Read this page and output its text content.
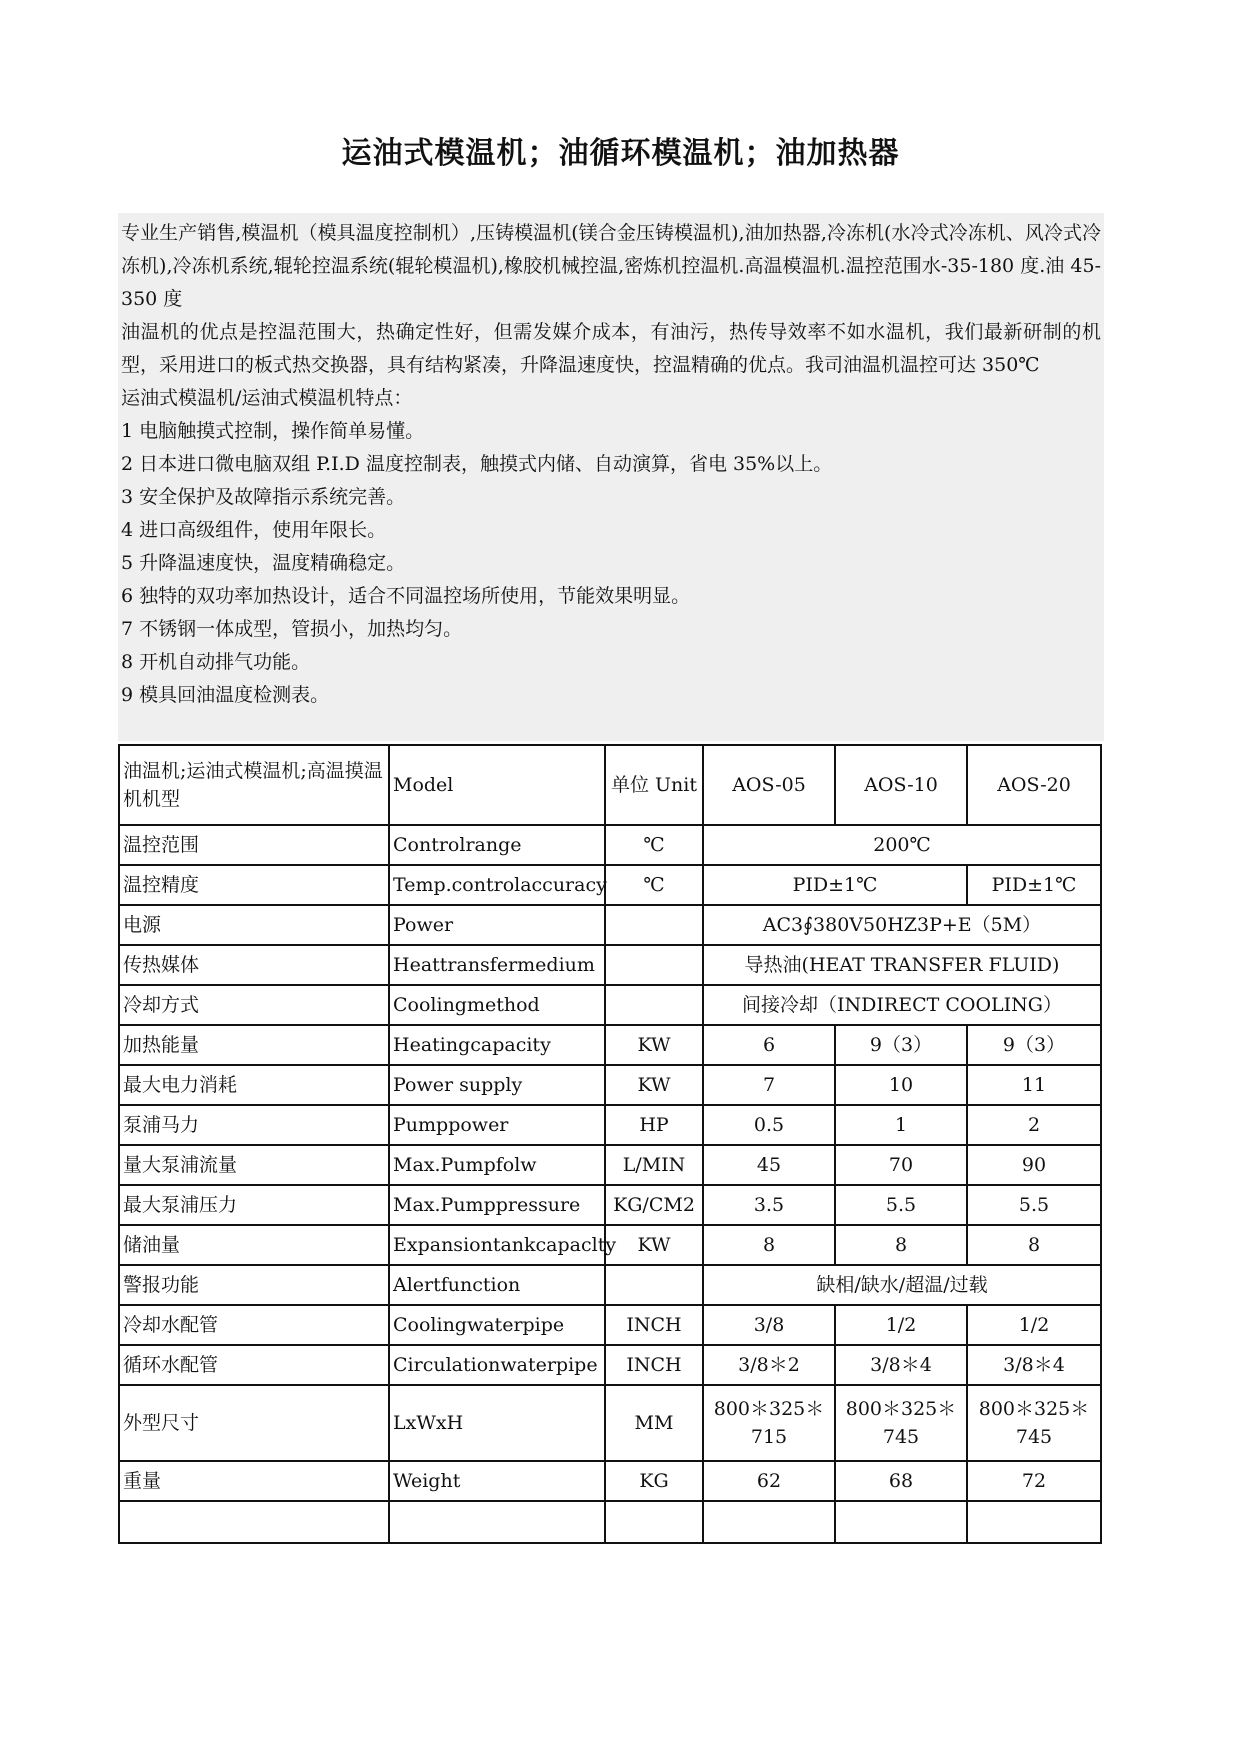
运油式模温机；油循环模温机；油加热器
专业生产销售,模温机（模具温度控制机）,压铸模温机(镁合金压铸模温机),油加热器,冷冻机(水冷式冷冻机、风冷式冷冻机),冷冻机系统,辊轮控温系统(辊轮模温机),橡胶机械控温,密炼机控温机.高温模温机.温控范围水-35-180 度.油 45-350 度
油温机的优点是控温范围大，热确定性好，但需发媒介成本，有油污，热传导效率不如水温机，我们最新研制的机型，采用进口的板式热交换器，具有结构紧凑，升降温速度快，控温精确的优点。我司油温机温控可达 350℃
运油式模温机/运油式模温机特点：
1 电脑触摸式控制，操作简单易懂。
2 日本进口微电脑双组 P.I.D 温度控制表，触摸式内储、自动演算，省电 35%以上。
3 安全保护及故障指示系统完善。
4 进口高级组件，使用年限长。
5 升降温速度快，温度精确稳定。
6 独特的双功率加热设计，适合不同温控场所使用，节能效果明显。
7 不锈钢一体成型，管损小，加热均匀。
8 开机自动排气功能。
9 模具回油温度检测表。
油温机;运油式模温机;高温摸温机机型	Model	单位 Unit	AOS-05	AOS-10	AOS-20
温控范围	Controlrange	℃	200℃		
温控精度	Temp.controlaccuracy	℃	PID±1℃		PID±1℃
电源	Power		AC3∮380V50HZ3P+E（5M）		
传热媒体	Heattransfermedium		导热油(HEAT TRANSFER FLUID)		
冷却方式	Coolingmethod		间接冷却（INDIRECT COOLING）		
加热能量	Heatingcapacity	KW	6	9（3）	9（3）
最大电力消耗	Power supply	KW	7	10	11
泵浦马力	Pumppower	HP	0.5	1	2
量大泵浦流量	Max.Pumpfolw	L/MIN	45	70	90
最大泵浦压力	Max.Pumppressure	KG/CM2	3.5	5.5	5.5
储油量	Expansiontankcapaclty	KW	8	8	8
警报功能	Alertfunction		缺相/缺水/超温/过载		
冷却水配管	Coolingwaterpipe	INCH	3/8	1/2	1/2
循环水配管	Circulationwaterpipe	INCH	3/8＊2	3/8＊4	3/8＊4
外型尺寸	LxWxH	MM	800＊325＊715	800＊325＊745	800＊325＊745
重量	Weight	KG	62	68	72
